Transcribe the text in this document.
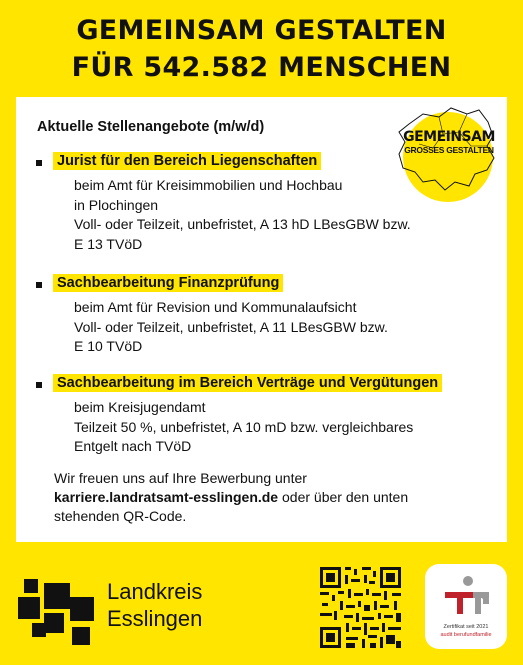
GEMEINSAM GESTALTEN
FÜR 542.582 MENSCHEN
Aktuelle Stellenangebote (m/w/d)
GEMEINSAM
GROSSES GESTALTEN
Jurist für den Bereich Liegenschaften
beim Amt für Kreisimmobilien und Hochbau
in Plochingen
Voll- oder Teilzeit, unbefristet, A 13 hD LBesGBW bzw.
E 13 TVöD
Sachbearbeitung Finanzprüfung
beim Amt für Revision und Kommunalaufsicht
Voll- oder Teilzeit, unbefristet, A 11 LBesGBW bzw.
E 10 TVöD
Sachbearbeitung im Bereich Verträge und Vergütungen
beim Kreisjugendamt
Teilzeit 50 %, unbefristet, A 10 mD bzw. vergleichbares
Entgelt nach TVöD
Wir freuen uns auf Ihre Bewerbung unter
karriere.landratsamt-esslingen.de oder über den unten
stehenden QR-Code.
Landkreis
Esslingen	Zertifikat seit 2021
audit berufundfamilie
